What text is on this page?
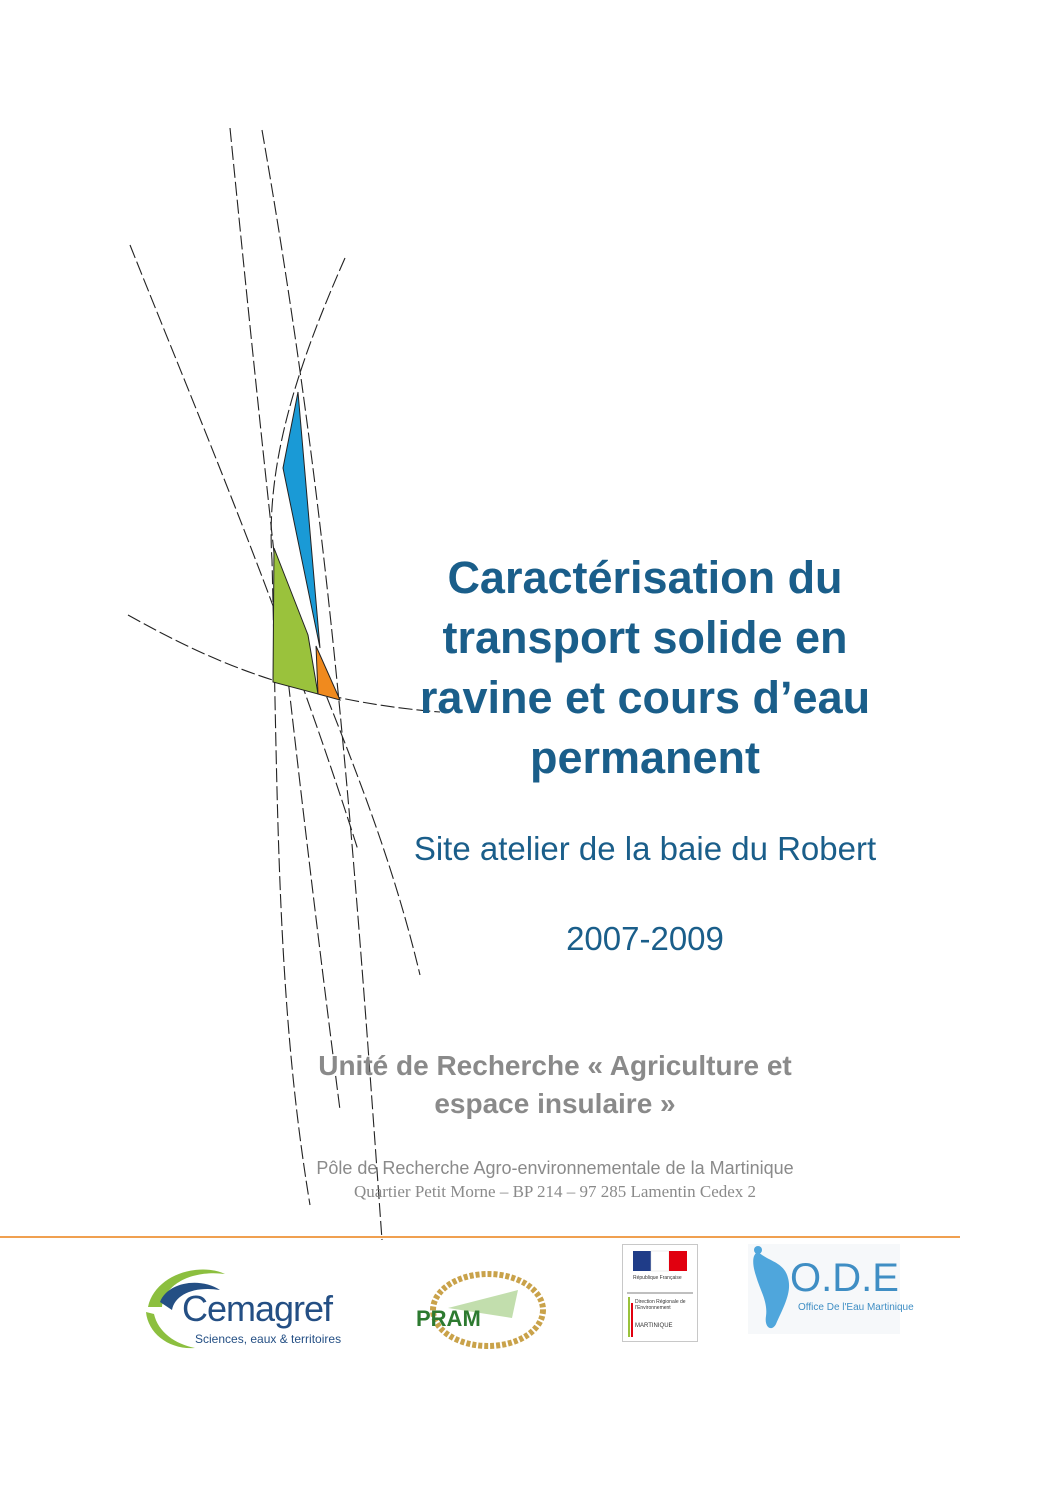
Caractérisation du
transport solide en
ravine et cours d’eau
permanent
Site atelier de la baie du Robert
2007-2009
Unité de Recherche « Agriculture et
espace insulaire »
Pôle de Recherche Agro-environnementale de la Martinique
Quartier Petit Morne – BP 214 – 97 285 Lamentin Cedex 2
Cemagref
Sciences, eaux & territoires
PRAM
République Française
Direction Régionale de l'Environnement
MARTINIQUE
O.D.E
Office De l'Eau Martinique
